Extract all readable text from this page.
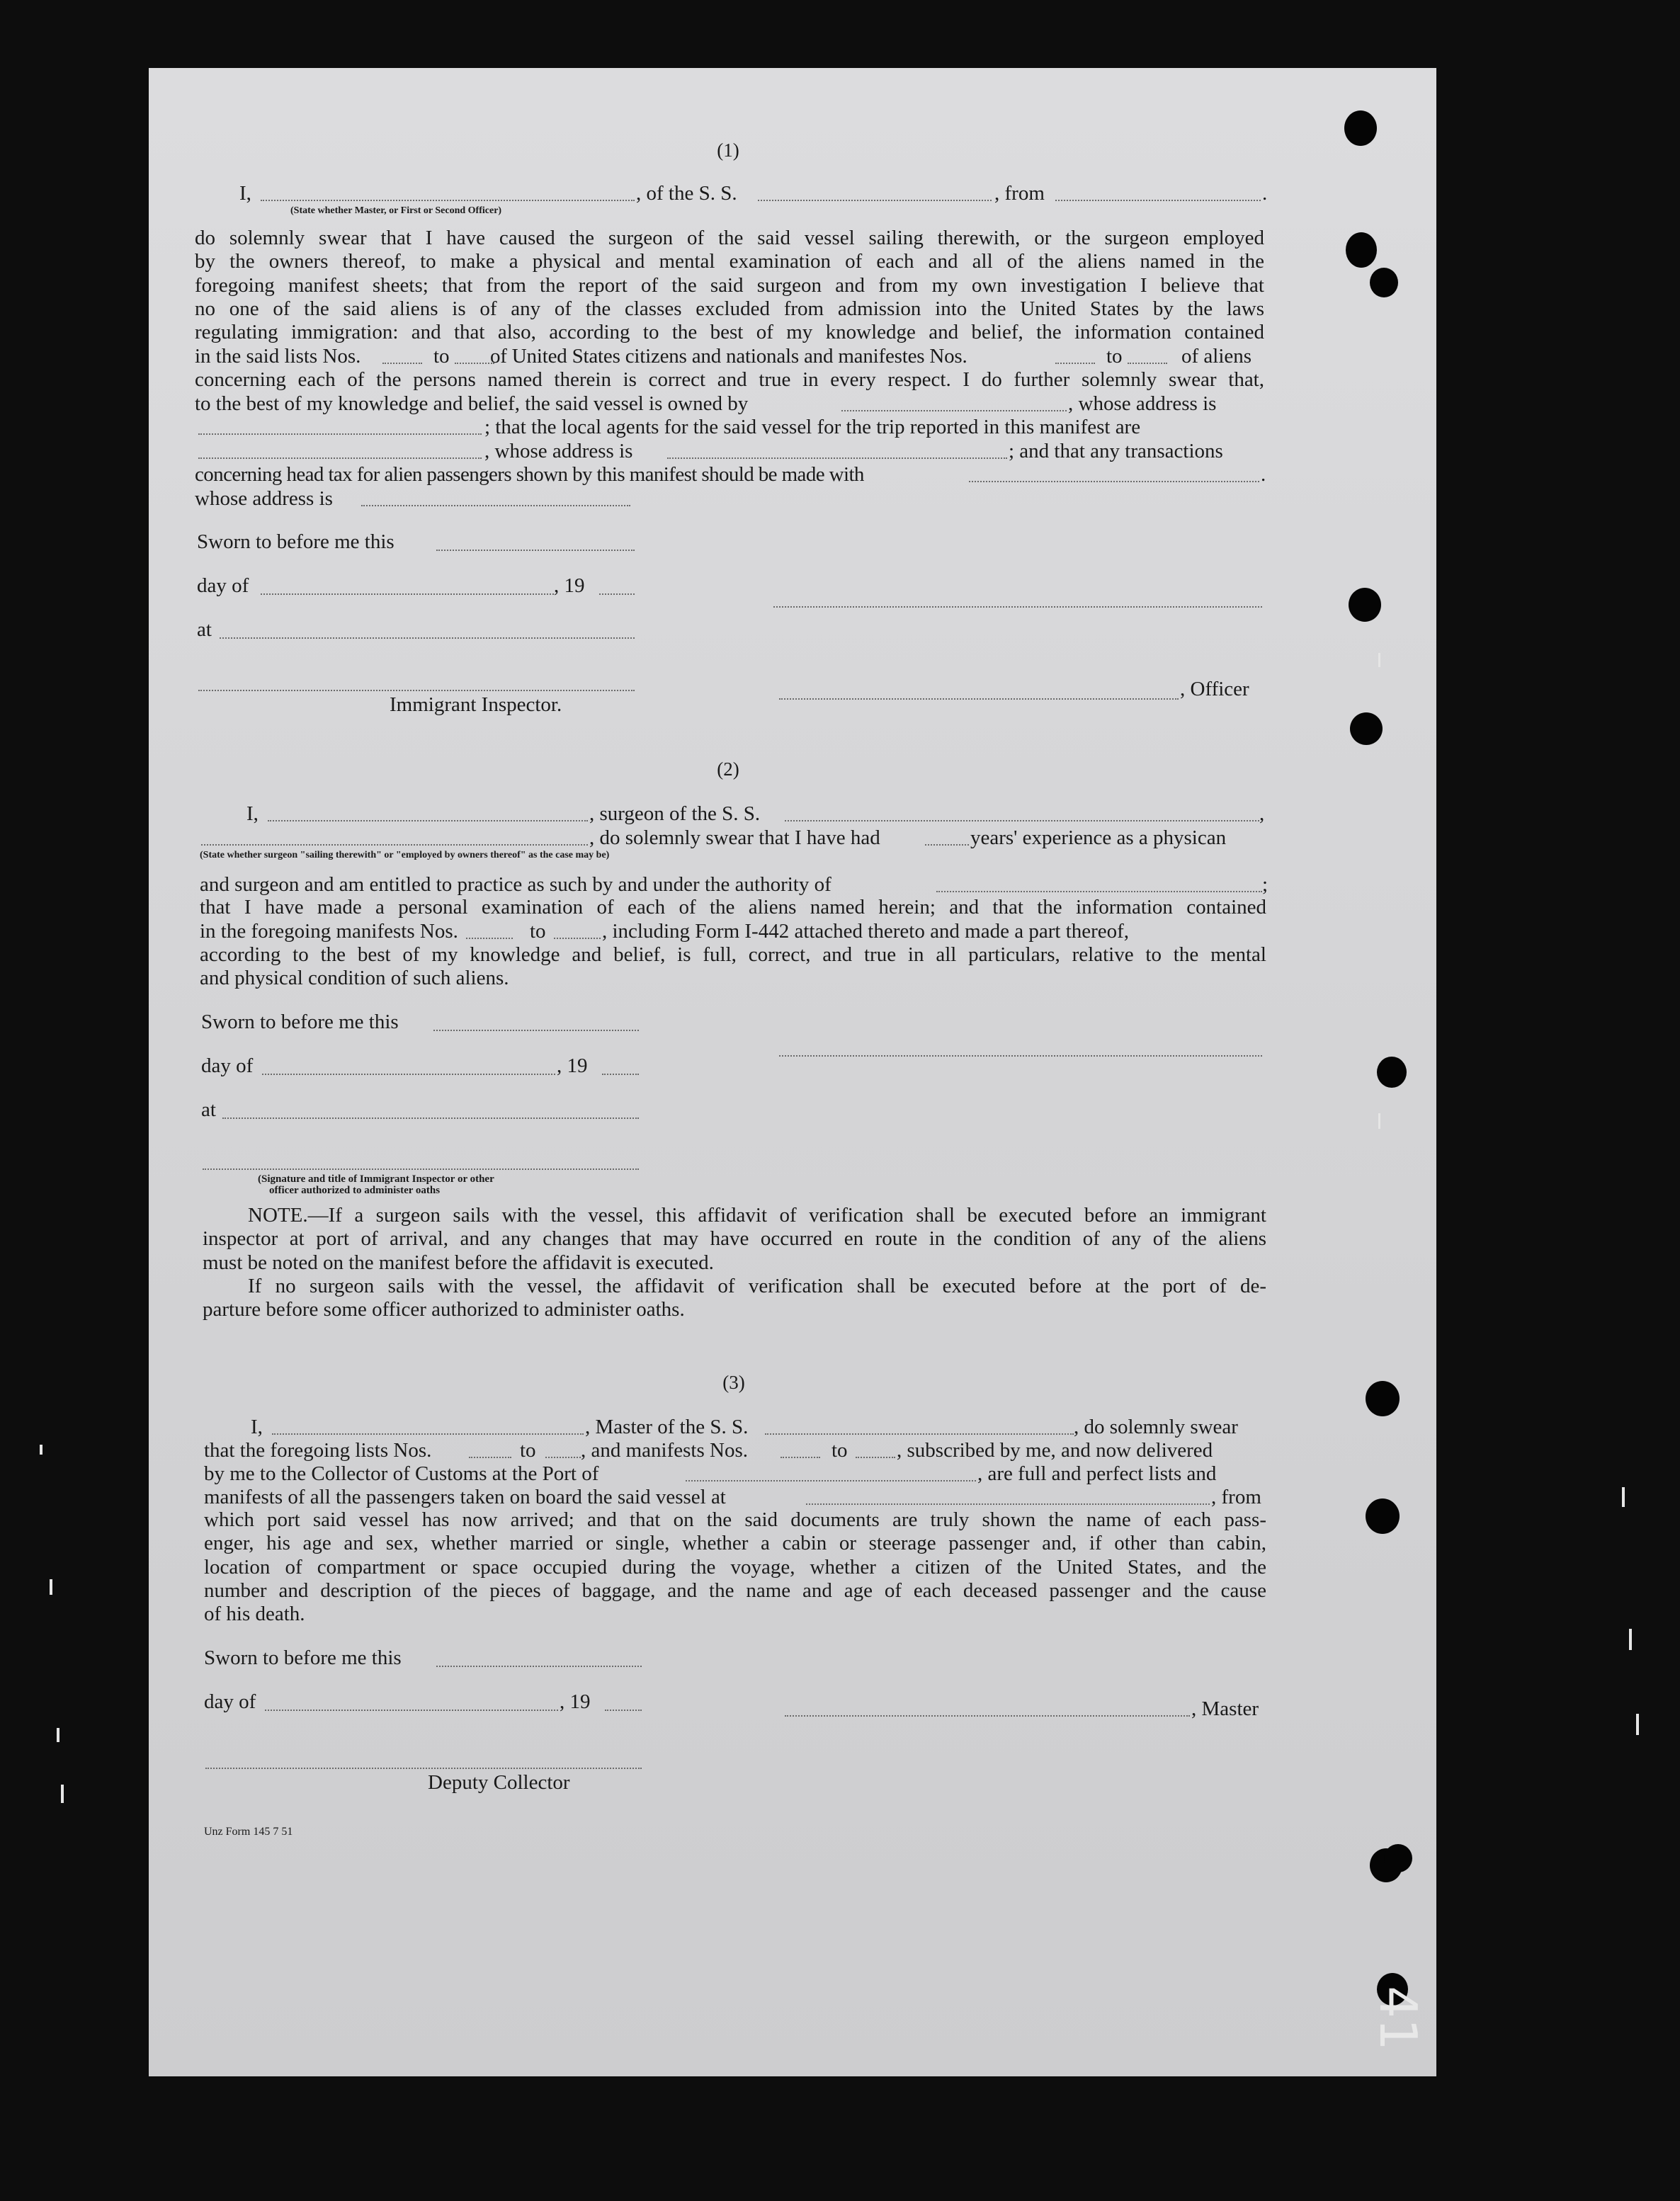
(1)
I,	, of the S. S.	, from	.
(State whether Master, or First or Second Officer)
do solemnly swear that I have caused the surgeon of the said vessel sailing therewith, or the surgeon employed
by the owners thereof, to make a physical and mental examination of each and all of the aliens named in the
foregoing manifest sheets; that from the report of the said surgeon and from my own investigation I believe that
no one of the said aliens is of any of the classes excluded from admission into the United States by the laws
regulating immigration: and that also, according to the best of my knowledge and belief, the information contained
in the said lists Nos.	to of United States citizens and nationals and manifestes Nos.	to	of aliens
concerning each of the persons named therein is correct and true in every respect. I do further solemnly swear that,
to the best of my knowledge and belief, the said vessel is owned by	, whose address is
; that the local agents for the said vessel for the trip reported in this manifest are
, whose address is	; and that any transactions
concerning head tax for alien passengers shown by this manifest should be made with	.
whose address is
Sworn to before me this
day of	, 19
at
, Officer
Immigrant Inspector.
(2)
I,	, surgeon of the S. S.	,
, do solemnly swear that I have had	years' experience as a physican
(State whether surgeon "sailing therewith" or "employed by owners thereof" as the case may be)
and surgeon and am entitled to practice as such by and under the authority of	;
that I have made a personal examination of each of the aliens named herein; and that the information contained
in the foregoing manifests Nos.	to	, including Form I-442 attached thereto and made a part thereof,
according to the best of my knowledge and belief, is full, correct, and true in all particulars, relative to the mental
and physical condition of such aliens.
Sworn to before me this
day of	, 19
at
(Signature and title of Immigrant Inspector or other
officer authorized to administer oaths
NOTE.—If a surgeon sails with the vessel, this affidavit of verification shall be executed before an immigrant
inspector at port of arrival, and any changes that may have occurred en route in the condition of any of the aliens
must be noted on the manifest before the affidavit is executed.
If no surgeon sails with the vessel, the affidavit of verification shall be executed before at the port of de-
parture before some officer authorized to administer oaths.
(3)
I,	, Master of the S. S.	, do solemnly swear
that the foregoing lists Nos.	to , and manifests Nos.	to , subscribed by me, and now delivered
by me to the Collector of Customs at the Port of	, are full and perfect lists and
manifests of all the passengers taken on board the said vessel at	, from
which port said vessel has now arrived; and that on the said documents are truly shown the name of each pass-
enger, his age and sex, whether married or single, whether a cabin or steerage passenger and, if other than cabin,
location of compartment or space occupied during the voyage, whether a citizen of the United States, and the
number and description of the pieces of baggage, and the name and age of each deceased passenger and the cause
of his death.
Sworn to before me this
day of	, 19	, Master
Deputy Collector
Unz Form 145 7 51
41
